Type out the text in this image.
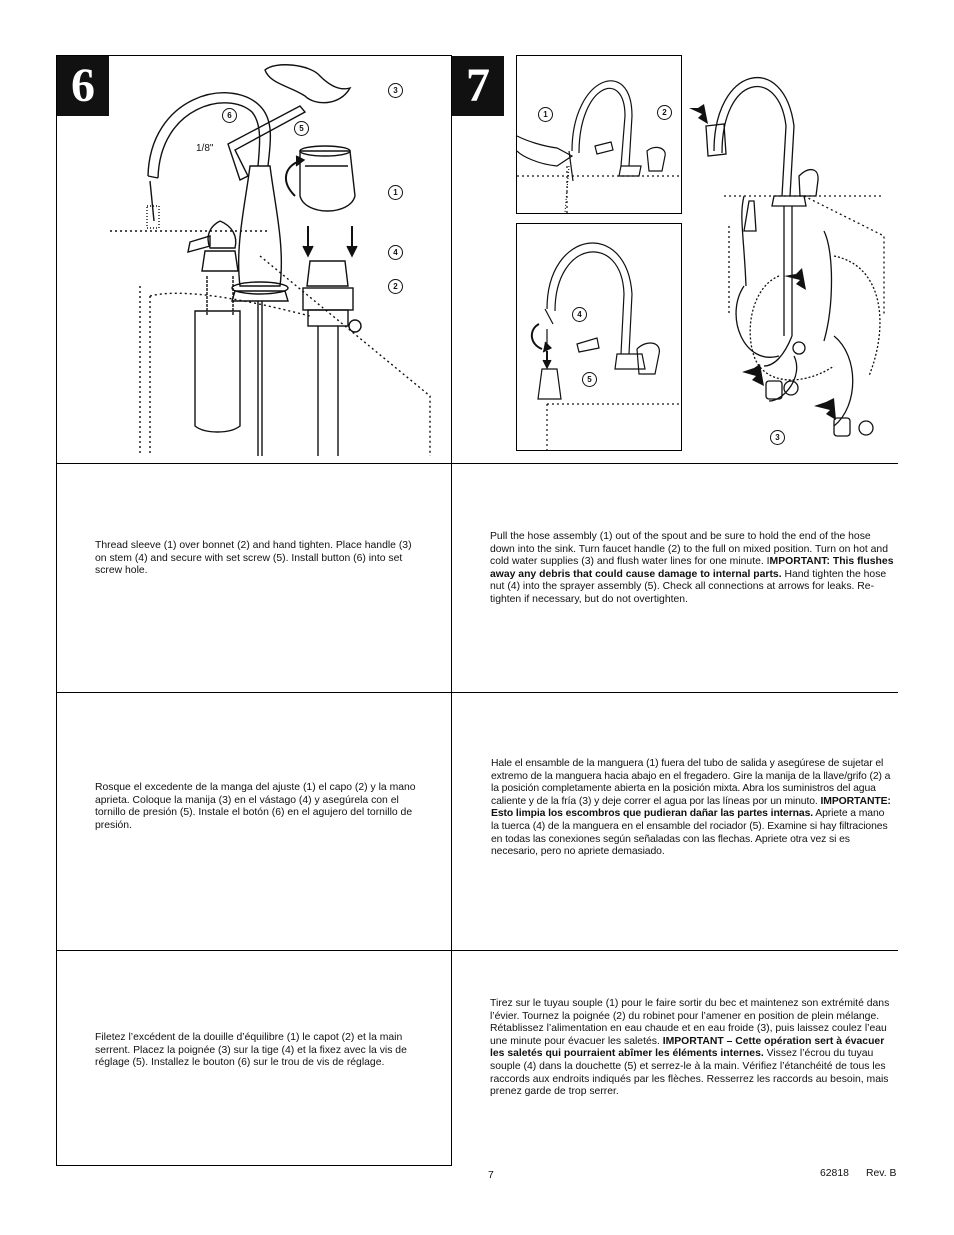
6
1/8"
6
5
3
1
4
2
7
1	2
4
5
3
Thread sleeve (1) over bonnet (2) and hand tighten. Place handle (3) on stem (4) and secure with set screw (5). Install button (6) into set screw hole.
Pull the hose assembly (1) out of the spout and be sure to hold the end of the hose down into the sink. Turn faucet handle (2) to the full on mixed position. Turn on hot and cold water supplies (3) and flush water lines for one minute. IMPORTANT: This flushes away any debris that could cause damage to internal parts. Hand tighten the hose nut (4) into the sprayer assembly (5). Check all connections at arrows for leaks. Re-tighten if necessary, but do not overtighten.
Rosque el excedente de la manga del ajuste (1) el capo (2) y la mano aprieta. Coloque la manija (3) en el vástago (4) y asegúrela con el tornillo de presión (5). Instale el botón (6) en el agujero del tornillo de presión.
Hale el ensamble de la manguera (1) fuera del tubo de salida y asegúrese de sujetar el extremo de la manguera hacia abajo en el fregadero. Gire la manija de la llave/grifo (2) a la posición completamente abierta en la posición mixta. Abra los suministros del agua caliente y de la fría (3) y deje correr el agua por las líneas por un minuto. IMPORTANTE: Esto limpia los escombros que pudieran dañar las partes internas. Apriete a mano la tuerca (4) de la manguera en el ensamble del rociador (5). Examine si hay filtraciones en todas las conexiones según señaladas con las flechas. Apriete otra vez si es necesario, pero no apriete demasiado.
Filetez l’excédent de la douille d’équilibre (1) le capot (2) et la main serrent. Placez la poignée (3) sur la tige (4) et la fixez avec la vis de réglage (5). Installez le bouton (6) sur le trou de vis de réglage.
Tirez sur le tuyau souple (1) pour le faire sortir du bec et maintenez son extrémité dans l’évier. Tournez la poignée (2) du robinet pour l’amener en position de plein mélange. Rétablissez l’alimentation en eau chaude et en eau froide (3), puis laissez coulez l’eau une minute pour évacuer les saletés. IMPORTANT – Cette opération sert à évacuer les saletés qui pourraient abîmer les éléments internes. Vissez l’écrou du tuyau souple (4) dans la douchette (5) et serrez-le à la main. Vérifiez l’étanchéité de tous les raccords aux endroits indiqués par les flèches. Resserrez les raccords au besoin, mais prenez garde de trop serrer.
7	62818 Rev. B
